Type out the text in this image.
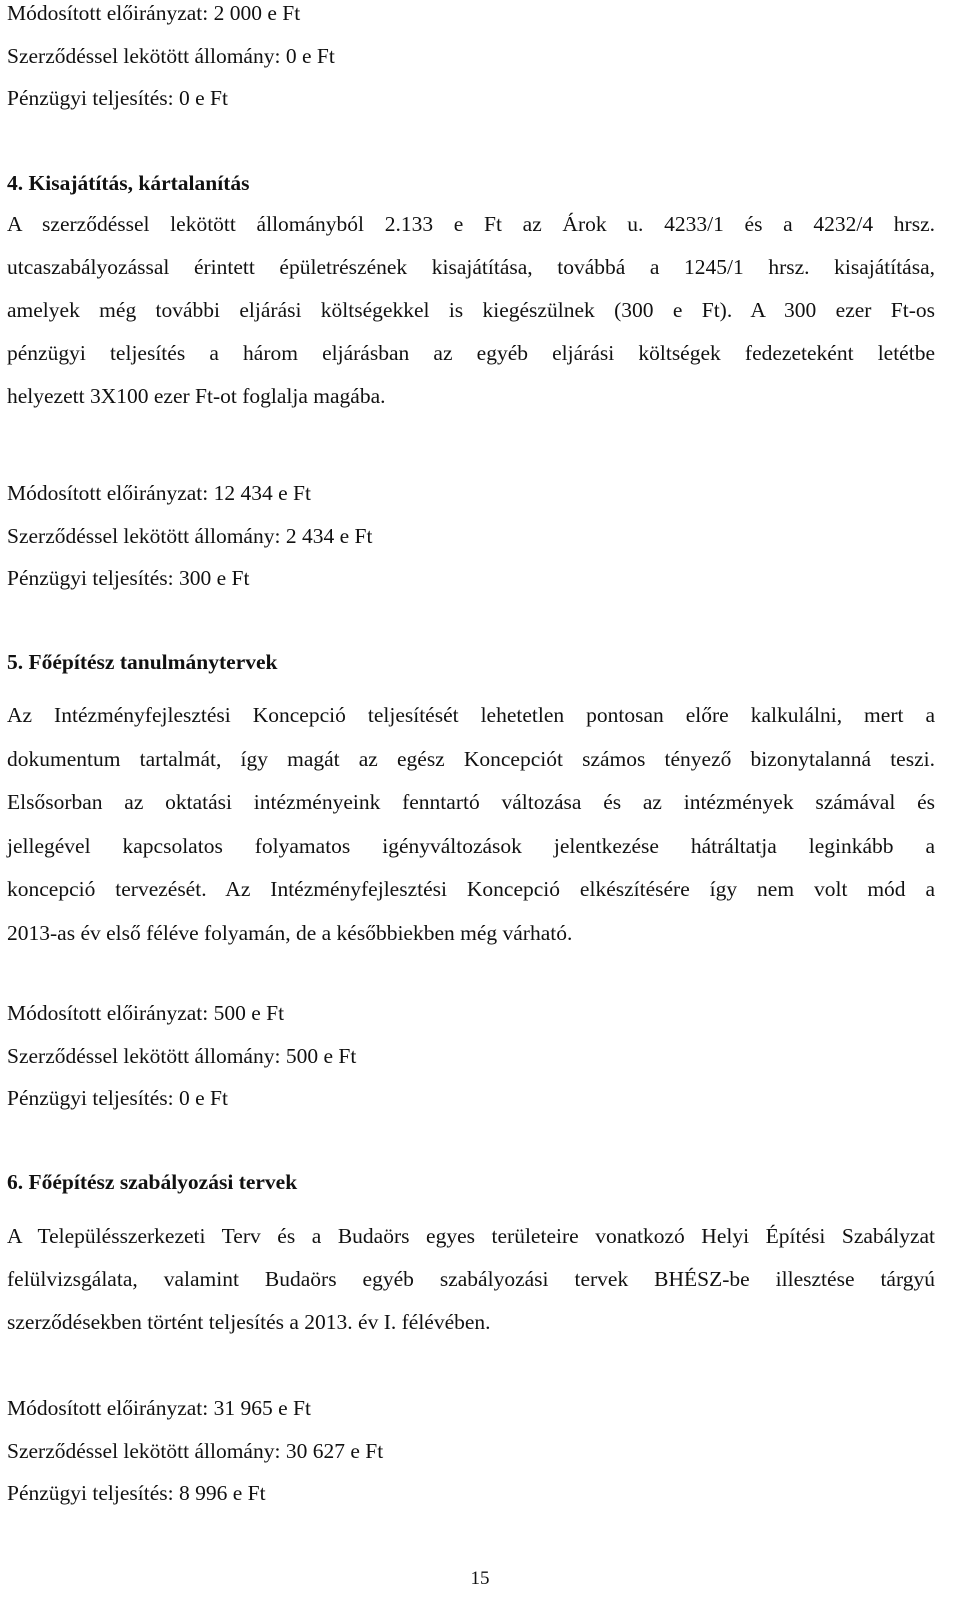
Módosított előirányzat: 2 000 e Ft

Szerződéssel lekötött állomány: 0 e Ft

Pénzügyi teljesítés: 0 e Ft

4. Kisajátítás, kártalanítás

A szerződéssel lekötött állományból 2.133 e Ft az Árok u. 4233/1 és a 4232/4 hrsz.
utcaszabályozással érintett épületrészének kisajátítása, továbbá a 1245/1 hrsz. kisajátítása,
amelyek még további eljárási költségekkel is kiegészülnek (300 e Ft). A 300 ezer Ft-os
pénzügyi teljesítés a három eljárásban az egyéb eljárási költségek fedezeteként letétbe
helyezett 3X100 ezer Ft-ot foglalja magába.

Módosított előirányzat: 12 434 e Ft

Szerződéssel lekötött állomány: 2 434 e Ft

Pénzügyi teljesítés: 300 e Ft

5. Főépítész tanulmánytervek

Az Intézményfejlesztési Koncepció teljesítését lehetetlen pontosan előre kalkulálni, mert a
dokumentum tartalmát, így magát az egész Koncepciót számos tényező bizonytalanná teszi.
Elsősorban az oktatási intézményeink fenntartó változása és az intézmények számával és
jellegével kapcsolatos folyamatos igényváltozások jelentkezése hátráltatja leginkább a
koncepció tervezését. Az Intézményfejlesztési Koncepció elkészítésére így nem volt mód a
2013-as év első féléve folyamán, de a későbbiekben még várható.

Módosított előirányzat: 500 e Ft

Szerződéssel lekötött állomány: 500 e Ft

Pénzügyi teljesítés: 0 e Ft

6. Főépítész szabályozási tervek

A Településszerkezeti Terv és a Budaörs egyes területeire vonatkozó Helyi Építési Szabályzat
felülvizsgálata, valamint Budaörs egyéb szabályozási tervek BHÉSZ-be illesztése tárgyú
szerződésekben történt teljesítés a 2013. év I. félévében.

Módosított előirányzat: 31 965 e Ft

Szerződéssel lekötött állomány: 30 627 e Ft

Pénzügyi teljesítés: 8 996 e Ft

15
